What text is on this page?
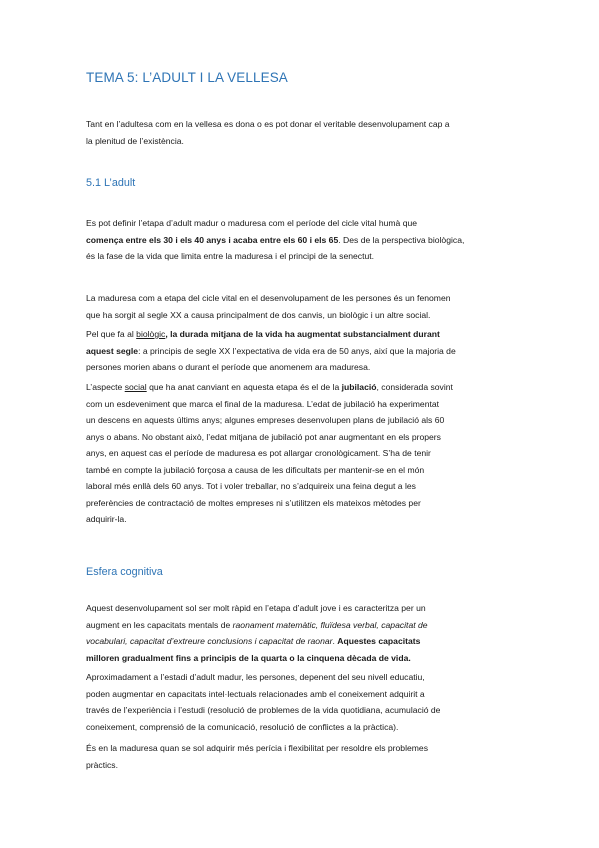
TEMA 5: L’ADULT I LA VELLESA
Tant en l’adultesa com en la vellesa es dona o es pot donar el veritable desenvolupament cap a
la plenitud de l’existència.
5.1 L’adult
Es pot definir l’etapa d’adult madur o maduresa com el període del cicle vital humà que
comença entre els 30 i els 40 anys i acaba entre els 60 i els 65. Des de la perspectiva biològica,
és la fase de la vida que limita entre la maduresa i el principi de la senectut.
La maduresa com a etapa del cicle vital en el desenvolupament de les persones és un fenomen
que ha sorgit al segle XX a causa principalment de dos canvis, un biològic i un altre social.
Pel que fa al biològic, la durada mitjana de la vida ha augmentat substancialment durant
aquest segle: a principis de segle XX l’expectativa de vida era de 50 anys, així que la majoria de
persones morien abans o durant el període que anomenem ara maduresa.
L’aspecte social que ha anat canviant en aquesta etapa és el de la jubilació, considerada sovint
com un esdeveniment que marca el final de la maduresa. L’edat de jubilació ha experimentat
un descens en aquests últims anys; algunes empreses desenvolupen plans de jubilació als 60
anys o abans. No obstant això, l’edat mitjana de jubilació pot anar augmentant en els propers
anys, en aquest cas el període de maduresa es pot allargar cronològicament. S’ha de tenir
també en compte la jubilació forçosa a causa de les dificultats per mantenir-se en el món
laboral més enllà dels 60 anys. Tot i voler treballar, no s’adquireix una feina degut a les
preferències de contractació de moltes empreses ni s’utilitzen els mateixos mètodes per
adquirir-la.
Esfera cognitiva
Aquest desenvolupament sol ser molt ràpid en l’etapa d’adult jove i es caracteritza per un
augment en les capacitats mentals de raonament matemàtic, fluïdesa verbal, capacitat de
vocabulari, capacitat d’extreure conclusions i capacitat de raonar. Aquestes capacitats
milloren gradualment fins a principis de la quarta o la cinquena dècada de vida.
Aproximadament a l’estadi d’adult madur, les persones, depenent del seu nivell educatiu,
poden augmentar en capacitats intel·lectuals relacionades amb el coneixement adquirit a
través de l’experiència i l’estudi (resolució de problemes de la vida quotidiana, acumulació de
coneixement, comprensió de la comunicació, resolució de conflictes a la pràctica).
És en la maduresa quan se sol adquirir més perícia i flexibilitat per resoldre els problemes
pràctics.
